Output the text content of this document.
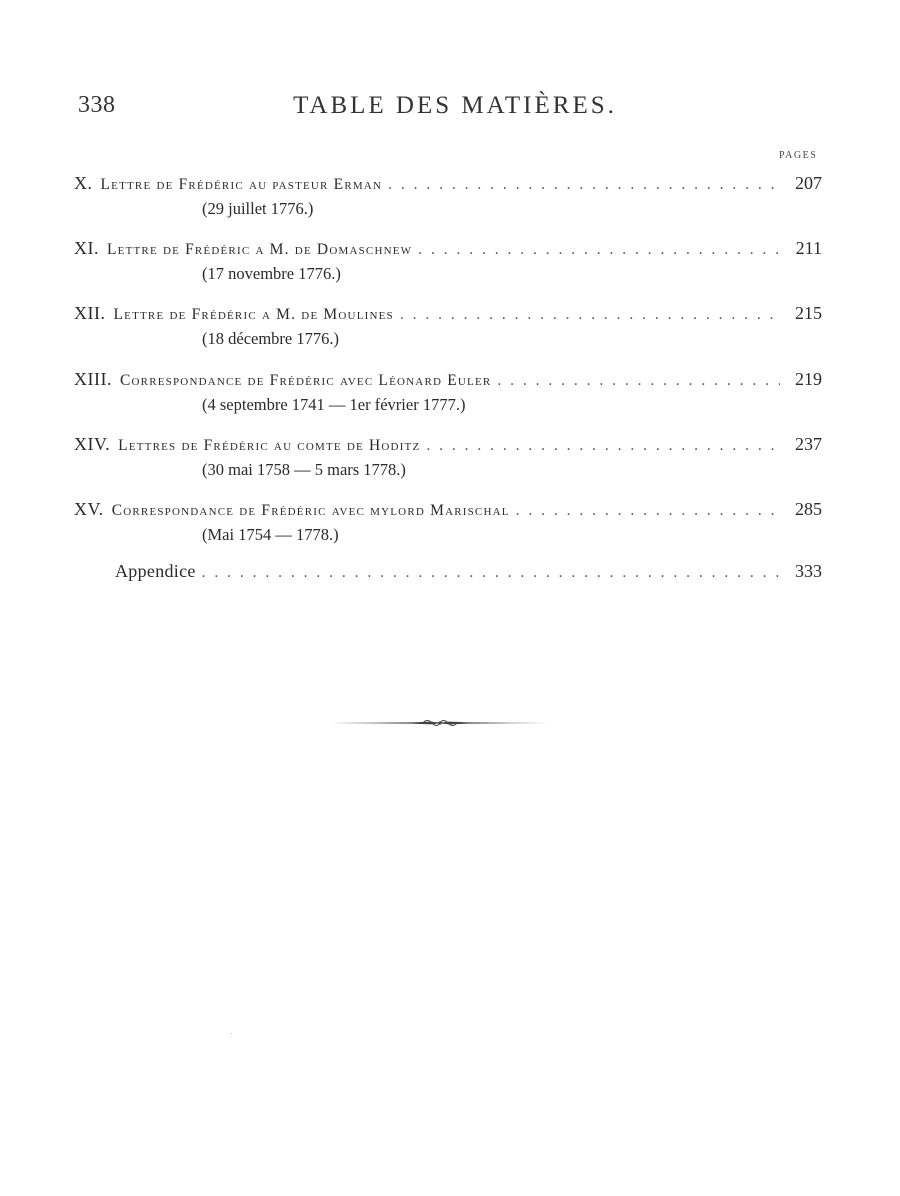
338	TABLE DES MATIÈRES.
PAGES
X. Lettre de Frédéric au pasteur Erman . . .	207
(29 juillet 1776.)
XI. Lettre de Frédéric a M. de Domaschnew . . .	211
(17 novembre 1776.)
XII. Lettre de Frédéric a M. de Moulines . . .	215
(18 décembre 1776.)
XIII. Correspondance de Frédéric avec Léonard Euler . . .	219
(4 septembre 1741 — 1er février 1777.)
XIV. Lettres de Frédéric au comte de Hoditz . . .	237
(30 mai 1758 — 5 mars 1778.)
XV. Correspondance de Frédéric avec mylord Marischal . . .	285
(Mai 1754 — 1778.)
Appendice . . .	333
